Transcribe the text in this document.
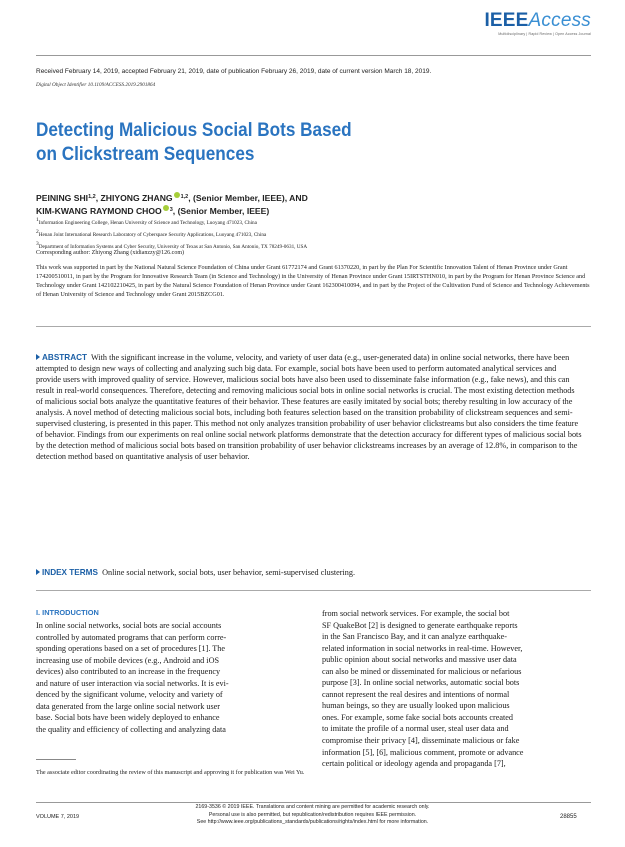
IEEEAccess
Multidisciplinary | Rapid Review | Open Access Journal
Received February 14, 2019, accepted February 21, 2019, date of publication February 26, 2019, date of current version March 18, 2019.
Digital Object Identifier 10.1109/ACCESS.2019.2901864
Detecting Malicious Social Bots Based
on Clickstream Sequences
PEINING SHI$^{1,2}$, ZHIYONG ZHANG $^{1,2}$, (Senior Member, IEEE), AND
KIM-KWANG RAYMOND CHOO $^3$, (Senior Member, IEEE)
$^1$Information Engineering College, Henan University of Science and Technology, Luoyang 471023, China
$^2$Henan Joint International Research Laboratory of Cyberspace Security Applications, Luoyang 471023, China
$^3$Department of Information Systems and Cyber Security, University of Texas at San Antonio, San Antonio, TX 78249-0631, USA
Corresponding author: Zhiyong Zhang (xidianzzy@126.com)
This work was supported in part by the National Natural Science Foundation of China under Grant 61772174 and Grant 61370220, in part by the Plan For Scientific Innovation Talent of Henan Province under Grant 174200510011, in part by the Program for Innovative Research Team (in Science and Technology) in the University of Henan Province under Grant 15IRTSTHN010, in part by the Program for Henan Province Science and Technology under Grant 142102210425, in part by the Natural Science Foundation of Henan Province under Grant 162300410094, and in part by the Project of the Cultivation Fund of Science and Technology Achievements of Henan University of Science and Technology under Grant 2015BZCG01.
ABSTRACT With the significant increase in the volume, velocity, and variety of user data (e.g., user-generated data) in online social networks, there have been attempted to design new ways of collecting and analyzing such big data. For example, social bots have been used to perform automated analytical services and provide users with improved quality of service. However, malicious social bots have also been used to disseminate false information (e.g., fake news), and this can result in real-world consequences. Therefore, detecting and removing malicious social bots in online social networks is crucial. The most existing detection methods of malicious social bots analyze the quantitative features of their behavior. These features are easily imitated by social bots; thereby resulting in low accuracy of the analysis. A novel method of detecting malicious social bots, including both features selection based on the transition probability of clickstream sequences and semi-supervised clustering, is presented in this paper. This method not only analyzes transition probability of user behavior clickstreams but also considers the time feature of behavior. Findings from our experiments on real online social network platforms demonstrate that the detection accuracy for different types of malicious social bots by the detection method of malicious social bots based on transition probability of user behavior clickstreams increases by an average of 12.8%, in comparison to the detection method based on quantitative analysis of user behavior.
INDEX TERMS Online social network, social bots, user behavior, semi-supervised clustering.
I. INTRODUCTION
In online social networks, social bots are social accounts
controlled by automated programs that can perform corre-
sponding operations based on a set of procedures [1]. The
increasing use of mobile devices (e.g., Android and iOS
devices) also contributed to an increase in the frequency
and nature of user interaction via social networks. It is evi-
denced by the significant volume, velocity and variety of
data generated from the large online social network user
base. Social bots have been widely deployed to enhance
the quality and efficiency of collecting and analyzing data
from social network services. For example, the social bot
SF QuakeBot [2] is designed to generate earthquake reports
in the San Francisco Bay, and it can analyze earthquake-
related information in social networks in real-time. However,
public opinion about social networks and massive user data
can also be mined or disseminated for malicious or nefarious
purpose [3]. In online social networks, automatic social bots
cannot represent the real desires and intentions of normal
human beings, so they are usually looked upon malicious
ones. For example, some fake social bots accounts created
to imitate the profile of a normal user, steal user data and
compromise their privacy [4], disseminate malicious or fake
information [5], [6], malicious comment, promote or advance
certain political or ideology agenda and propaganda [7],
The associate editor coordinating the review of this manuscript and approving it for publication was Wei Yu.
2169-3536 © 2019 IEEE. Translations and content mining are permitted for academic research only.
Personal use is also permitted, but republication/redistribution requires IEEE permission.
See http://www.ieee.org/publications_standards/publications/rights/index.html for more information.
VOLUME 7, 2019	28855
